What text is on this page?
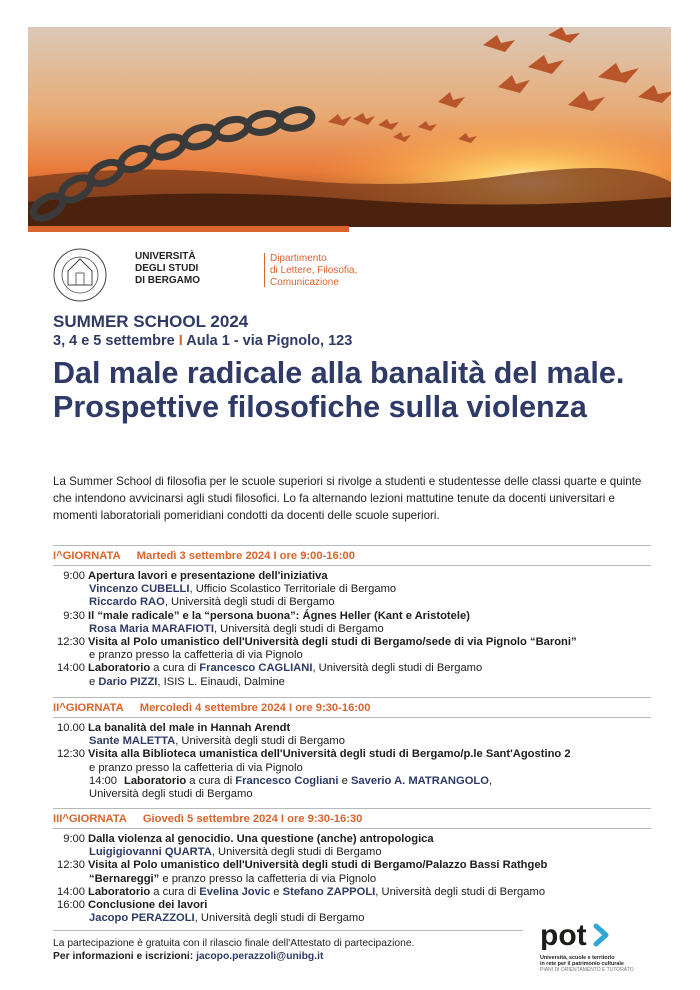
UNIVERSITÀ
DEGLI STUDI
DI BERGAMO
Dipartimento
di Lettere, Filosofia,
Comunicazione
SUMMER SCHOOL 2024
3, 4 e 5 settembre I Aula 1 - via Pignolo, 123
Dal male radicale alla banalità del male. Prospettive filosofiche sulla violenza
La Summer School di filosofia per le scuole superiori si rivolge a studenti e studentesse delle classi quarte e quinte che intendono avvicinarsi agli studi filosofici. Lo fa alternando lezioni mattutine tenute da docenti universitari e momenti laboratoriali pomeridiani condotti da docenti delle scuole superiori.
I^GIORNATA Martedì 3 settembre 2024 I ore 9:00-16:00
9:00 Apertura lavori e presentazione dell'iniziativa
Vincenzo CUBELLI, Ufficio Scolastico Territoriale di Bergamo
Riccardo RAO, Università degli studi di Bergamo
9:30 Il “male radicale” e la “persona buona”: Ágnes Heller (Kant e Aristotele)
Rosa Maria MARAFIOTI, Università degli studi di Bergamo
12:30 Visita al Polo umanistico dell'Università degli studi di Bergamo/sede di via Pignolo “Baroni”
e pranzo presso la caffetteria di via Pignolo
14:00 Laboratorio a cura di Francesco CAGLIANI, Università degli studi di Bergamo
e Dario PIZZI, ISIS L. Einaudi, Dalmine
II^GIORNATA Mercoledì 4 settembre 2024 I ore 9:30-16:00
10.00 La banalità del male in Hannah Arendt
Sante MALETTA, Università degli studi di Bergamo
12:30 Visita alla Biblioteca umanistica dell'Università degli studi di Bergamo/p.le Sant'Agostino 2
e pranzo presso la caffetteria di via Pignolo
14:00 Laboratorio a cura di Francesco Cogliani e Saverio A. MATRANGOLO,
Università degli studi di Bergamo
III^GIORNATA Giovedì 5 settembre 2024 I ore 9:30-16:30
9:00 Dalla violenza al genocidio. Una questione (anche) antropologica
Luigigiovanni QUARTA, Università degli studi di Bergamo
12:30 Visita al Polo umanistico dell'Università degli studi di Bergamo/Palazzo Bassi Rathgeb
“Bernareggi” e pranzo presso la caffetteria di via Pignolo
14:00 Laboratorio a cura di Evelina Jovic e Stefano ZAPPOLI, Università degli studi di Bergamo
16:00 Conclusione dei lavori
Jacopo PERAZZOLI, Università degli studi di Bergamo
La partecipazione è gratuita con il rilascio finale dell'Attestato di partecipazione.
Per informazioni e iscrizioni: jacopo.perazzoli@unibg.it
pot
Università, scuole e territorio
in rete per il patrimonio culturale
PIANI DI ORIENTAMENTO E TUTORATO
